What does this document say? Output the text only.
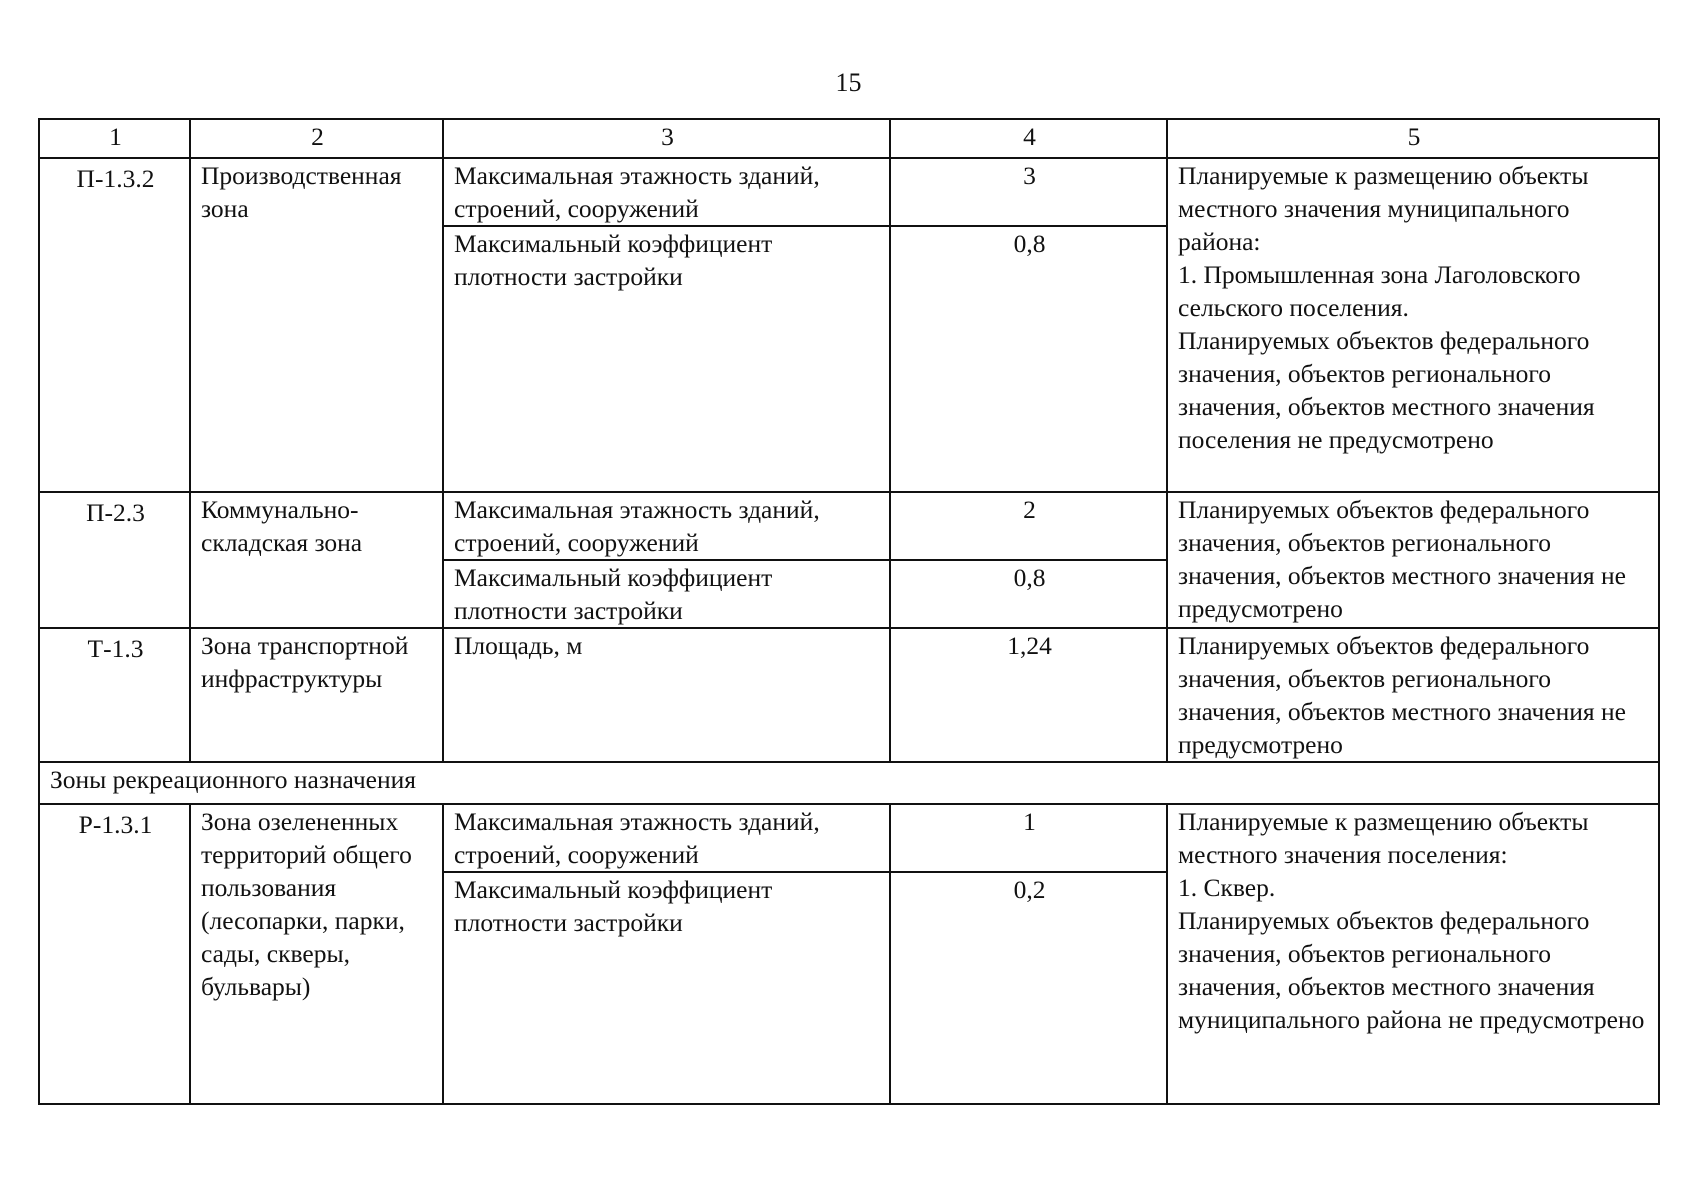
15
1	2	3	4	5
П-1.3.2	Производственная зона	Максимальная этажность зданий, строений, сооружений	3	Планируемые к размещению объекты местного значения муниципального района:
1. Промышленная зона Лаголовского сельского поселения.
Планируемых объектов федерального значения, объектов регионального значения, объектов местного значения поселения не предусмотрено

		Максимальный коэффициент плотности застройки	0,8	
П-2.3	Коммунально-складская зона	Максимальная этажность зданий, строений, сооружений	2	Планируемых объектов федерального значения, объектов регионального значения, объектов местного значения не предусмотрено

		Максимальный коэффициент плотности застройки	0,8	
Т-1.3	Зона транспортной инфраструктуры	Площадь, м	1,24	Планируемых объектов федерального значения, объектов регионального значения, объектов местного значения не предусмотрено

Зоны рекреационного назначения				
Р-1.3.1	Зона озелененных территорий общего пользования (лесопарки, парки, сады, скверы, бульвары)	Максимальная этажность зданий, строений, сооружений	1	Планируемые к размещению объекты местного значения поселения:
1. Сквер.
Планируемых объектов федерального значения, объектов регионального значения, объектов местного значения муниципального района не предусмотрено

		Максимальный коэффициент плотности застройки	0,2	
